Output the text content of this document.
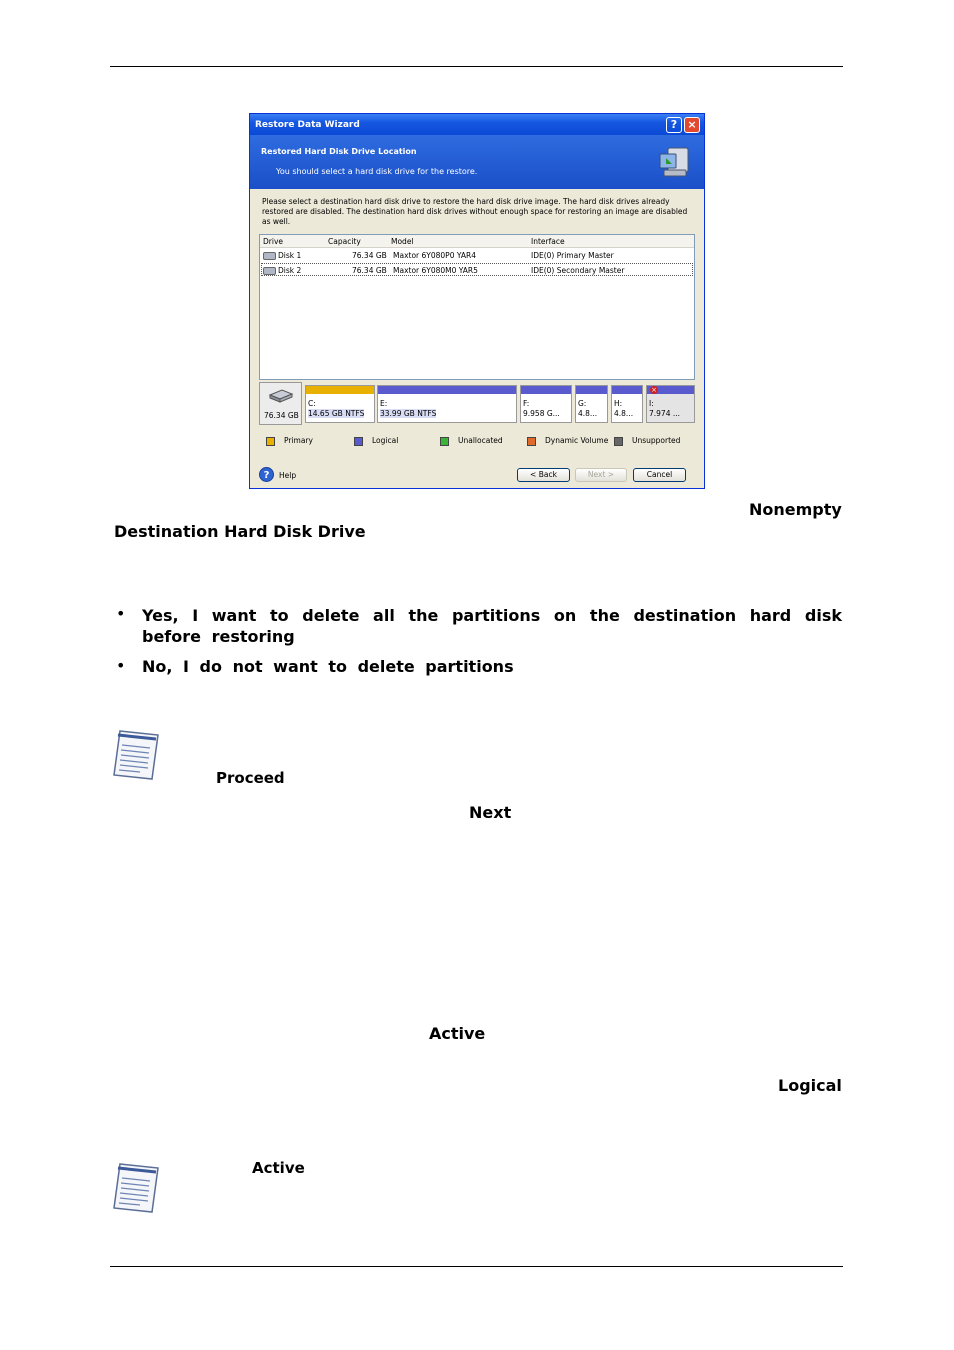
Restore Data Wizard	? ×
Restored Hard Disk Drive Location
You should select a hard disk drive for the restore.
Please select a destination hard disk drive to restore the hard disk drive image. The hard disk drives already restored are disabled. The destination hard disk drives without enough space for restoring an image are disabled as well.
Drive	Capacity	Model	Interface
Disk 1	76.34 GB Maxtor 6Y080P0 YAR4	IDE(0) Primary Master
Disk 2	76.34 GB Maxtor 6Y080M0 YAR5	IDE(0) Secondary Master
76.34 GB
C:
14.65 GB NTFS
E:
33.99 GB NTFS
F:
9.958 G...
G:
4.8...
H:
4.8...
×
I:
7.974 ...
Primary	Logical	Unallocated	Dynamic Volume	Unsupported
?	Help	< Back	Next >	Cancel
Nonempty
Destination Hard Disk Drive
• Yes, I want to delete all the partitions on the destination hard disk before restoring
• No, I do not want to delete partitions
Proceed
Next
Active
Logical
Active
